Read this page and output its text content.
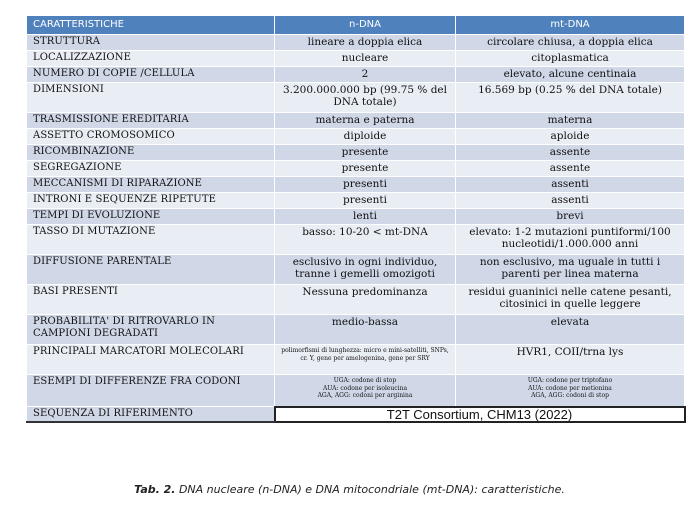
CARATTERISTICHE	n-DNA	mt-DNA
STRUTTURA	lineare a doppia elica	circolare chiusa, a doppia elica
LOCALIZZAZIONE	nucleare	citoplasmatica
NUMERO DI COPIE /CELLULA	2	elevato, alcune centinaia
DIMENSIONI	3.200.000.000 bp (99.75 % del DNA totale)	16.569 bp (0.25 % del DNA totale)
TRASMISSIONE EREDITARIA	materna e paterna	materna
ASSETTO CROMOSOMICO	diploide	aploide
RICOMBINAZIONE	presente	assente
SEGREGAZIONE	presente	assente
MECCANISMI DI RIPARAZIONE	presenti	assenti
INTRONI E SEQUENZE RIPETUTE	presenti	assenti
TEMPI DI EVOLUZIONE	lenti	brevi
TASSO DI MUTAZIONE	basso: 10-20 < mt-DNA	elevato: 1-2 mutazioni puntiformi/100 nucleotidi/1.000.000 anni
DIFFUSIONE PARENTALE	esclusivo in ogni individuo, tranne i gemelli omozigoti	non esclusivo, ma uguale in tutti i parenti per linea materna
BASI PRESENTI	Nessuna predominanza	residui guaninici nelle catene pesanti, citosinici in quelle leggere
PROBABILITA' DI RITROVARLO IN CAMPIONI DEGRADATI	medio-bassa	elevata
PRINCIPALI MARCATORI MOLECOLARI	polimorfismi di lunghezza: micro e mini-satelliti, SNPs, cr. Y, gene per amelogenina, gene per SRY	HVR1, COII/trna lys
ESEMPI DI DIFFERENZE FRA CODONI	UGA: codone di stop
AUA: codone per isoleucina
AGA, AGG: codoni per arginina	UGA: codone per triptofano
AUA: codone per metionina
AGA, AGG: codoni di stop
SEQUENZA DI RIFERIMENTO	T2T Consortium, CHM13 (2022)	
Tab. 2. DNA nucleare (n-DNA) e DNA mitocondriale (mt-DNA): caratteristiche.
